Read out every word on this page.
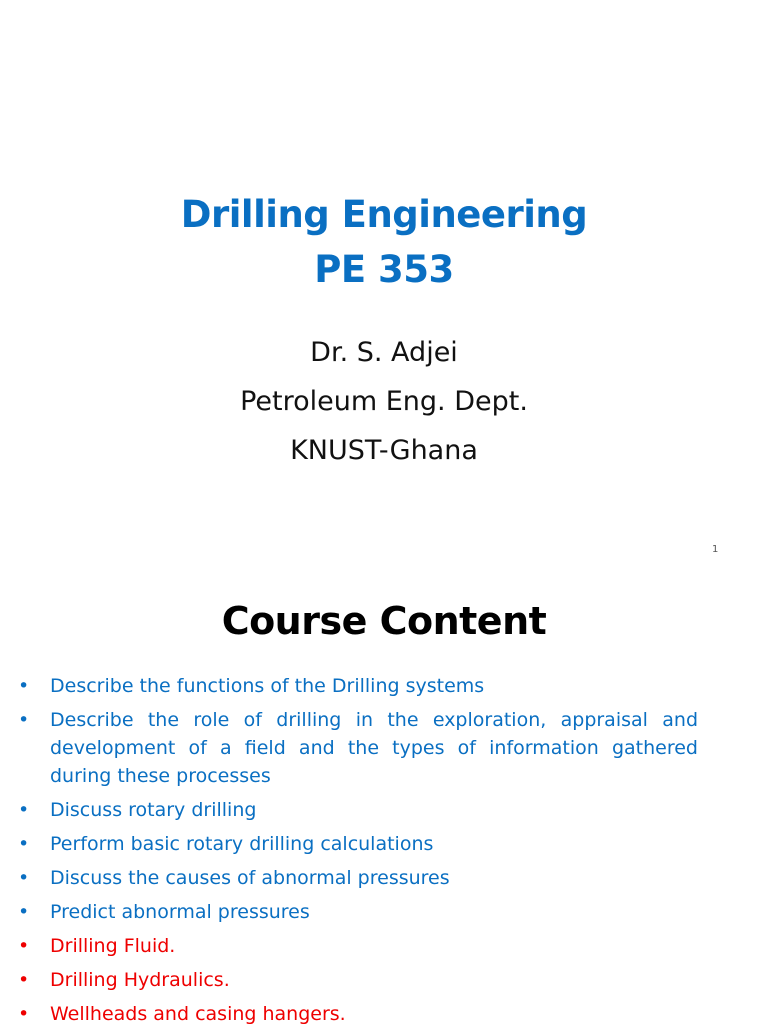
Drilling Engineering
PE 353
Dr. S. Adjei
Petroleum Eng. Dept.
KNUST-Ghana
1
Course Content
• Describe the functions of the Drilling systems
• Describe the role of drilling in the exploration, appraisal and development of a field and the types of information gathered during these processes
• Discuss rotary drilling
• Perform basic rotary drilling calculations
• Discuss the causes of abnormal pressures
• Predict abnormal pressures
• Drilling Fluid.
• Drilling Hydraulics.
• Wellheads and casing hangers.
